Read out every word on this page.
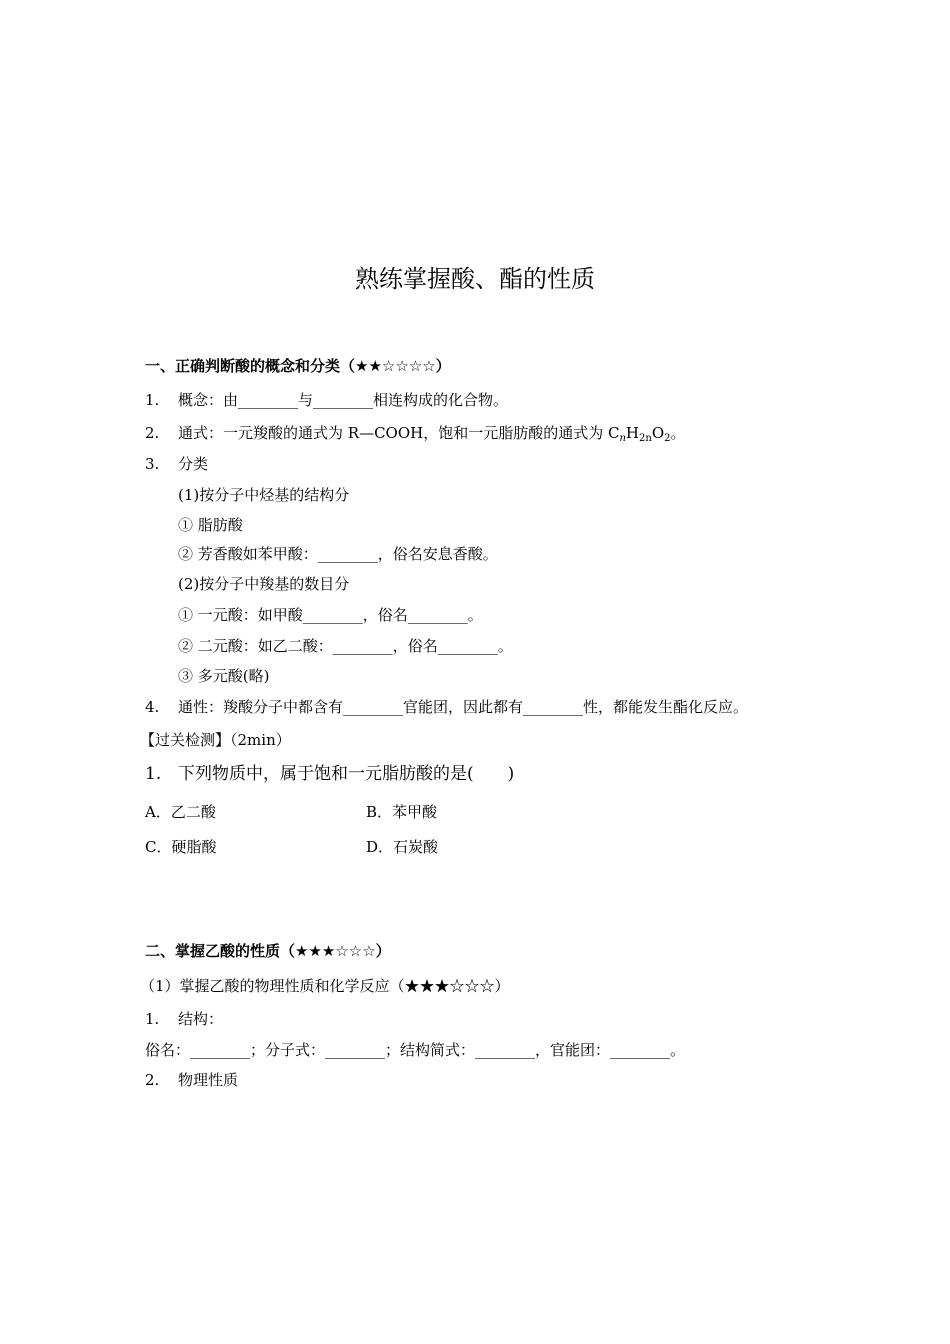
熟练掌握酸、酯的性质
一、正确判断酸的概念和分类（★★☆☆☆☆）
1. 概念：由________与________相连构成的化合物。
2. 通式：一元羧酸的通式为 R—COOH，饱和一元脂肪酸的通式为 $C_nH_{2n}O_2$。
3. 分类
(1)按分子中烃基的结构分
① 脂肪酸
② 芳香酸如苯甲酸：________，俗名安息香酸。
(2)按分子中羧基的数目分
① 一元酸：如甲酸________，俗名________。
② 二元酸：如乙二酸：________，俗名________。
③ 多元酸(略)
4. 通性：羧酸分子中都含有________官能团，因此都有________性，都能发生酯化反应。
【过关检测】（2min）
1. 下列物质中，属于饱和一元脂肪酸的是(　　)
A．乙二酸	B．苯甲酸
C．硬脂酸	D．石炭酸
二、掌握乙酸的性质（★★★☆☆☆）
（1）掌握乙酸的物理性质和化学反应（★★★☆☆☆）
1. 结构：
俗名：________；分子式：________；结构简式：________，官能团：________。
2. 物理性质
